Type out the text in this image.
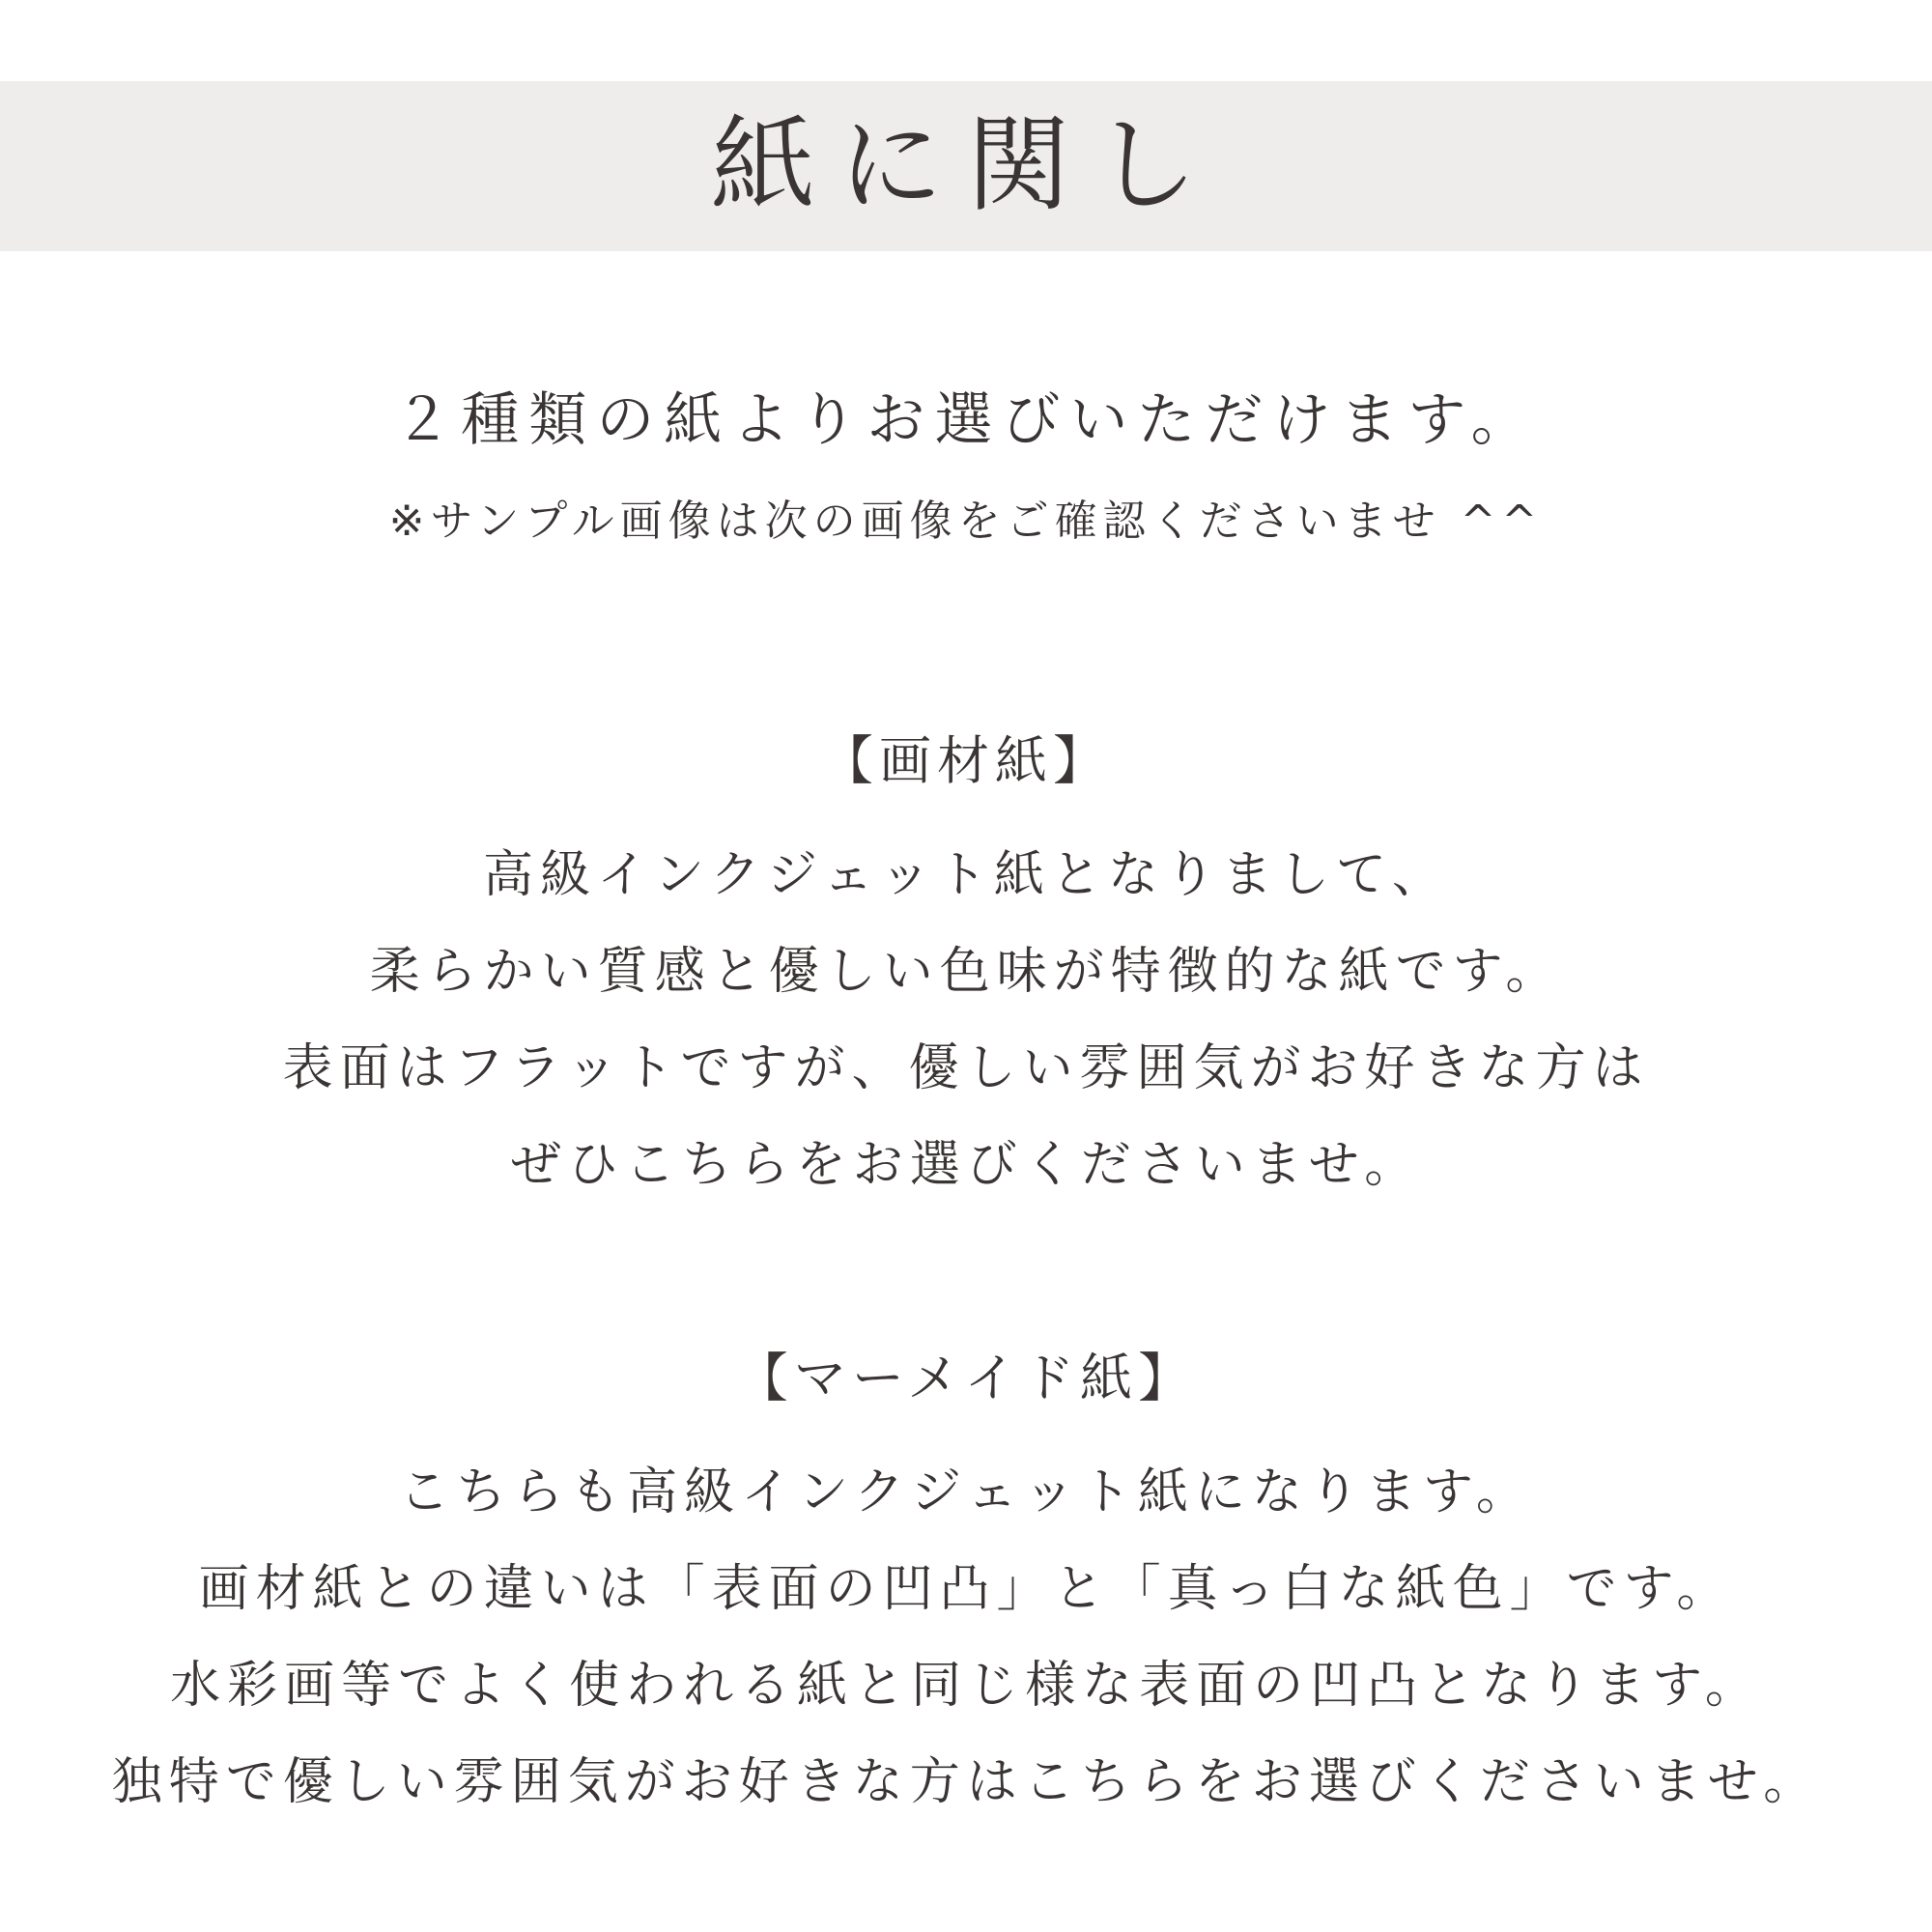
紙に関し
２種類の紙よりお選びいただけます。
※サンプル画像は次の画像をご確認くださいませ ^^
【画材紙】
高級インクジェット紙となりまして、
柔らかい質感と優しい色味が特徴的な紙です。
表面はフラットですが、優しい雰囲気がお好きな方は
ぜひこちらをお選びくださいませ。
【マーメイド紙】
こちらも高級インクジェット紙になります。
画材紙との違いは「表面の凹凸」と「真っ白な紙色」です。
水彩画等でよく使われる紙と同じ様な表面の凹凸となります。
独特で優しい雰囲気がお好きな方はこちらをお選びくださいませ。
